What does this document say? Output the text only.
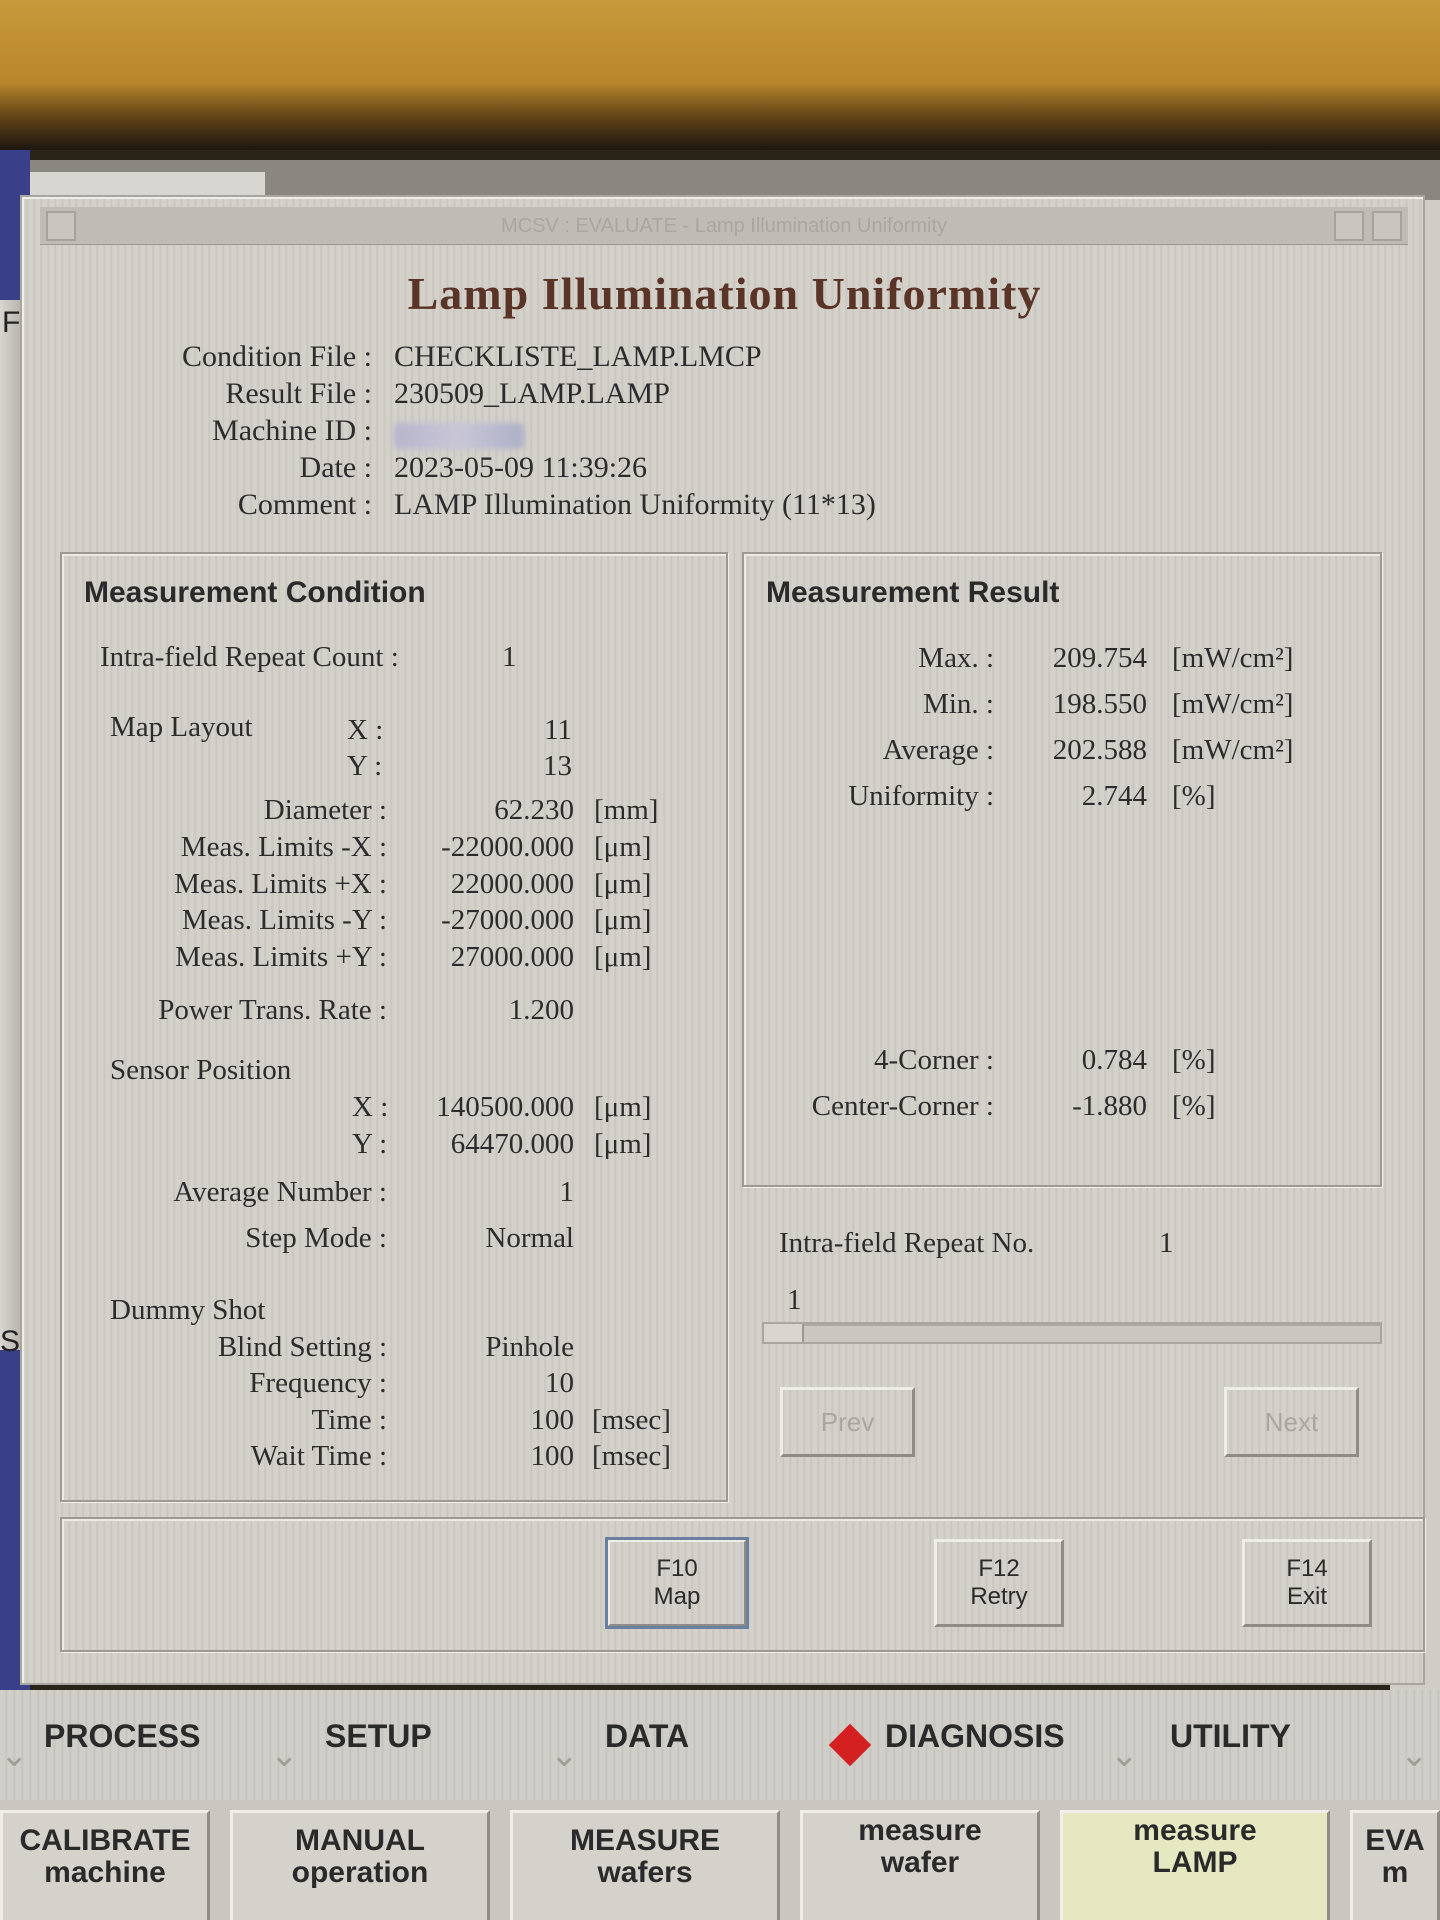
F
S
MCSV : EVALUATE - Lamp Illumination Uniformity
Lamp Illumination Uniformity
Condition File : CHECKLISTE_LAMP.LMCP
Result File : 230509_LAMP.LAMP
Machine ID :
Date : 2023-05-09 11:39:26
Comment : LAMP Illumination Uniformity (11*13)
Measurement Condition
Intra-field Repeat Count :	1
Map Layout	X :	11
Y :	13
Diameter :	62.230 [mm]
Meas. Limits -X :	-22000.000 [μm]
Meas. Limits +X :	22000.000 [μm]
Meas. Limits -Y :	-27000.000 [μm]
Meas. Limits +Y :	27000.000 [μm]
Power Trans. Rate :	1.200
Sensor Position
X :	140500.000 [μm]
Y :	64470.000 [μm]
Average Number :	1
Step Mode :	Normal
Dummy Shot
Blind Setting :	Pinhole
Frequency :	10
Time :	100 [msec]
Wait Time :	100 [msec]
Measurement Result
Max. :	209.754 [mW/cm²]
Min. :	198.550 [mW/cm²]
Average :	202.588 [mW/cm²]
Uniformity :	2.744 [%]
4-Corner :	0.784 [%]
Center-Corner :	-1.880 [%]
Intra-field Repeat No.	1
1
Prev	Next
F10
Map
F12
Retry
F14
Exit
⌄ PROCESS ⌄ SETUP	⌄ DATA	DIAGNOSIS ⌄ UTILITY	⌄
CALIBRATE
machine
MANUAL
operation
MEASURE
wafers
measure
wafer
measure
LAMP
EVA
m
